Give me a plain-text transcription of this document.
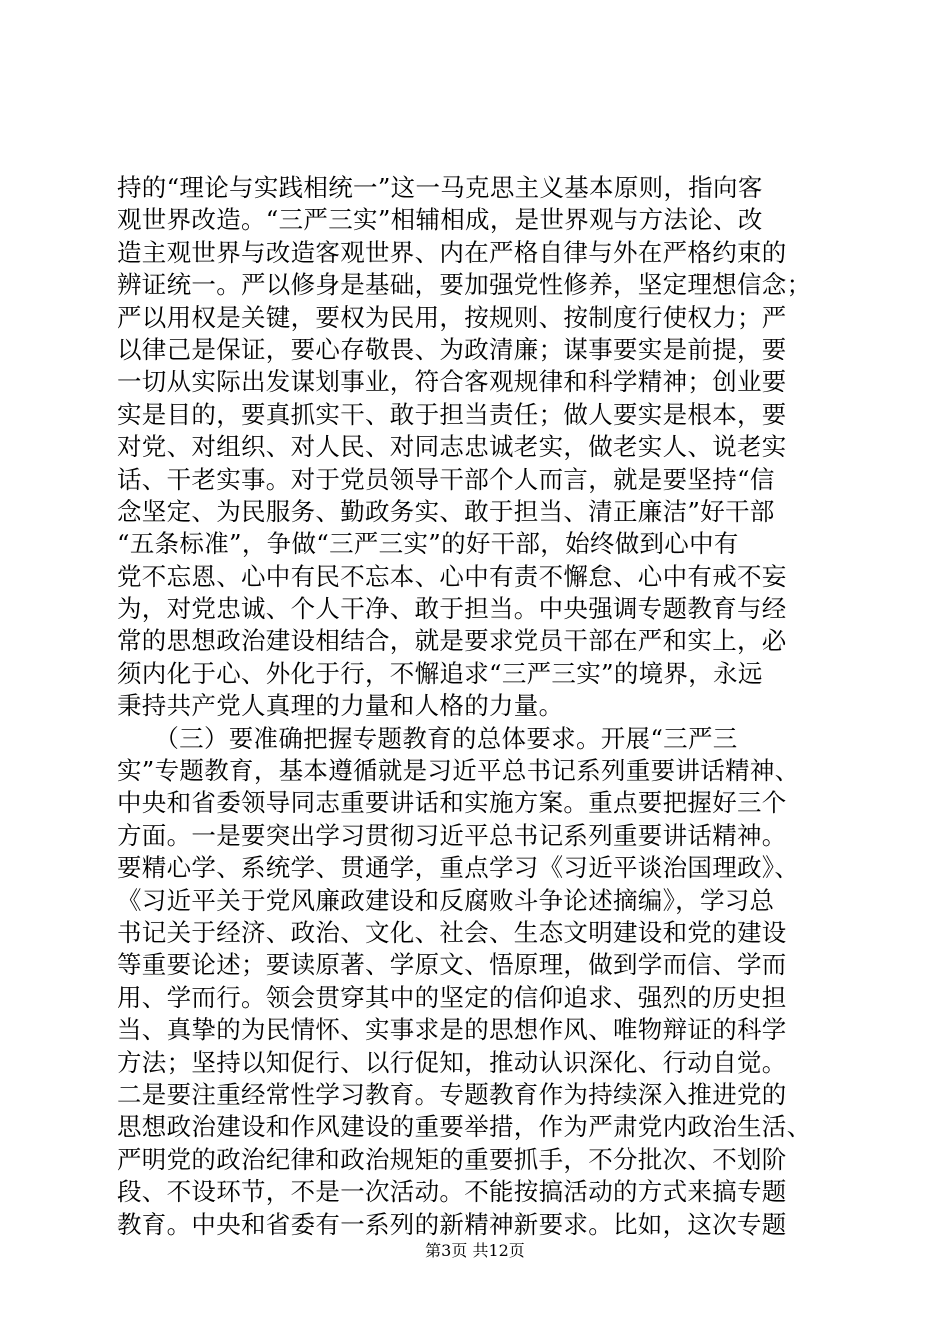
持的“理论与实践相统一”这一马克思主义基本原则，指向客
观世界改造。“三严三实”相辅相成，是世界观与方法论、改
造主观世界与改造客观世界、内在严格自律与外在严格约束的
辨证统一。严以修身是基础，要加强党性修养，坚定理想信念；
严以用权是关键，要权为民用，按规则、按制度行使权力；严
以律己是保证，要心存敬畏、为政清廉；谋事要实是前提，要
一切从实际出发谋划事业，符合客观规律和科学精神；创业要
实是目的，要真抓实干、敢于担当责任；做人要实是根本，要
对党、对组织、对人民、对同志忠诚老实，做老实人、说老实
话、干老实事。对于党员领导干部个人而言，就是要坚持“信
念坚定、为民服务、勤政务实、敢于担当、清正廉洁”好干部
“五条标准”，争做“三严三实”的好干部，始终做到心中有
党不忘恩、心中有民不忘本、心中有责不懈怠、心中有戒不妄
为，对党忠诚、个人干净、敢于担当。中央强调专题教育与经
常的思想政治建设相结合，就是要求党员干部在严和实上，必
须内化于心、外化于行，不懈追求“三严三实”的境界，永远
秉持共产党人真理的力量和人格的力量。
　　（三）要准确把握专题教育的总体要求。开展“三严三
实”专题教育，基本遵循就是习近平总书记系列重要讲话精神、
中央和省委领导同志重要讲话和实施方案。重点要把握好三个
方面。一是要突出学习贯彻习近平总书记系列重要讲话精神。
要精心学、系统学、贯通学，重点学习《习近平谈治国理政》、
《习近平关于党风廉政建设和反腐败斗争论述摘编》，学习总
书记关于经济、政治、文化、社会、生态文明建设和党的建设
等重要论述；要读原著、学原文、悟原理，做到学而信、学而
用、学而行。领会贯穿其中的坚定的信仰追求、强烈的历史担
当、真挚的为民情怀、实事求是的思想作风、唯物辩证的科学
方法；坚持以知促行、以行促知，推动认识深化、行动自觉。
二是要注重经常性学习教育。专题教育作为持续深入推进党的
思想政治建设和作风建设的重要举措，作为严肃党内政治生活、
严明党的政治纪律和政治规矩的重要抓手，不分批次、不划阶
段、不设环节，不是一次活动。不能按搞活动的方式来搞专题
教育。中央和省委有一系列的新精神新要求。比如，这次专题
第3页 共12页
